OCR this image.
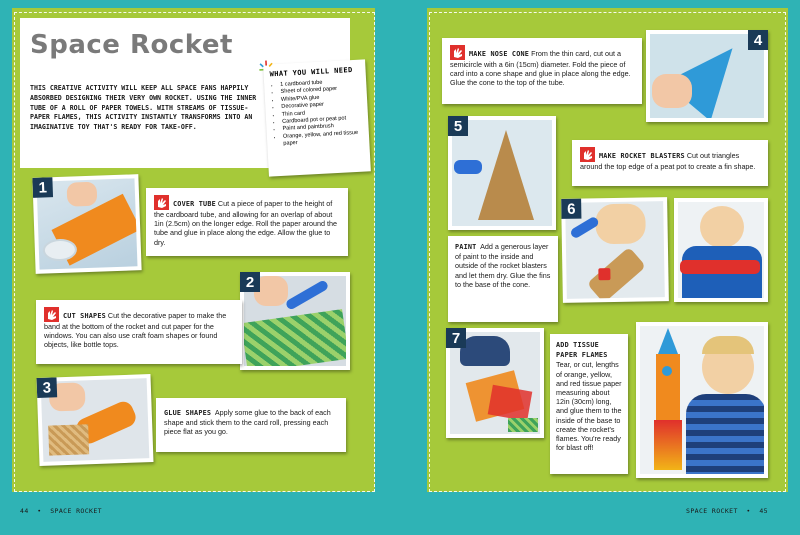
Space Rocket
THIS CREATIVE ACTIVITY WILL KEEP ALL SPACE FANS HAPPILY ABSORBED DESIGNING THEIR VERY OWN ROCKET. USING THE INNER TUBE OF A ROLL OF PAPER TOWELS. WITH STREAMS OF TISSUE-PAPER FLAMES, THIS ACTIVITY INSTANTLY TRANSFORMS INTO AN IMAGINATIVE TOY THAT'S READY FOR TAKE-OFF.
WHAT YOU WILL NEED
• 1 cardboard tube
• Sheet of colored paper
• White/PVA glue
• Decorative paper
• Thin card
• Cardboard pot or peat pot
• Paint and paintbrush
• Orange, yellow, and red tissue paper
1
COVER TUBE Cut a piece of paper to the height of the cardboard tube, and allowing for an overlap of about 1in (2.5cm) on the longer edge. Roll the paper around the tube and glue in place along the edge. Allow the glue to dry.
2
CUT SHAPES Cut the decorative paper to make the band at the bottom of the rocket and cut paper for the windows. You can also use craft foam shapes or found objects, like bottle tops.
3
GLUE SHAPES Apply some glue to the back of each shape and stick them to the card roll, pressing each piece flat as you go.
44  •  SPACE ROCKET
MAKE NOSE CONE From the thin card, cut out a semicircle with a 6in (15cm) diameter. Fold the piece of card into a cone shape and glue in place along the edge. Glue the cone to the top of the tube.
4
5
MAKE ROCKET BLASTERS Cut out triangles around the top edge of a peat pot to create a fin shape.
PAINT Add a generous layer of paint to the inside and outside of the rocket blasters and let them dry. Glue the fins to the base of the cone.
6
7	ADD TISSUE PAPER FLAMES  Tear, or cut, lengths of orange, yellow, and red tissue paper measuring about 12in (30cm) long, and glue them to the inside of the base to create the rocket's flames. You're ready for blast off!
SPACE ROCKET  •  45
